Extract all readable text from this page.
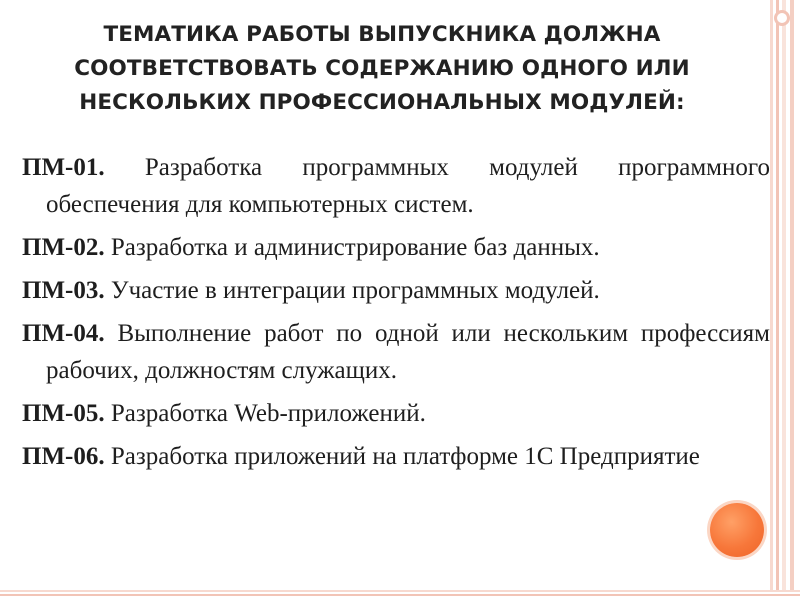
ТЕМАТИКА РАБОТЫ ВЫПУСКНИКА ДОЛЖНА СООТВЕТСТВОВАТЬ СОДЕРЖАНИЮ ОДНОГО ИЛИ НЕСКОЛЬКИХ ПРОФЕССИОНАЛЬНЫХ МОДУЛЕЙ:

ПМ-01. Разработка программных модулей программного обеспечения для компьютерных систем.

ПМ-02. Разработка и администрирование баз данных.

ПМ-03. Участие в интеграции программных модулей.

ПМ-04. Выполнение работ по одной или нескольким профессиям рабочих, должностям служащих.

ПМ-05. Разработка Web-приложений.

ПМ-06. Разработка приложений на платформе 1С Предприятие
